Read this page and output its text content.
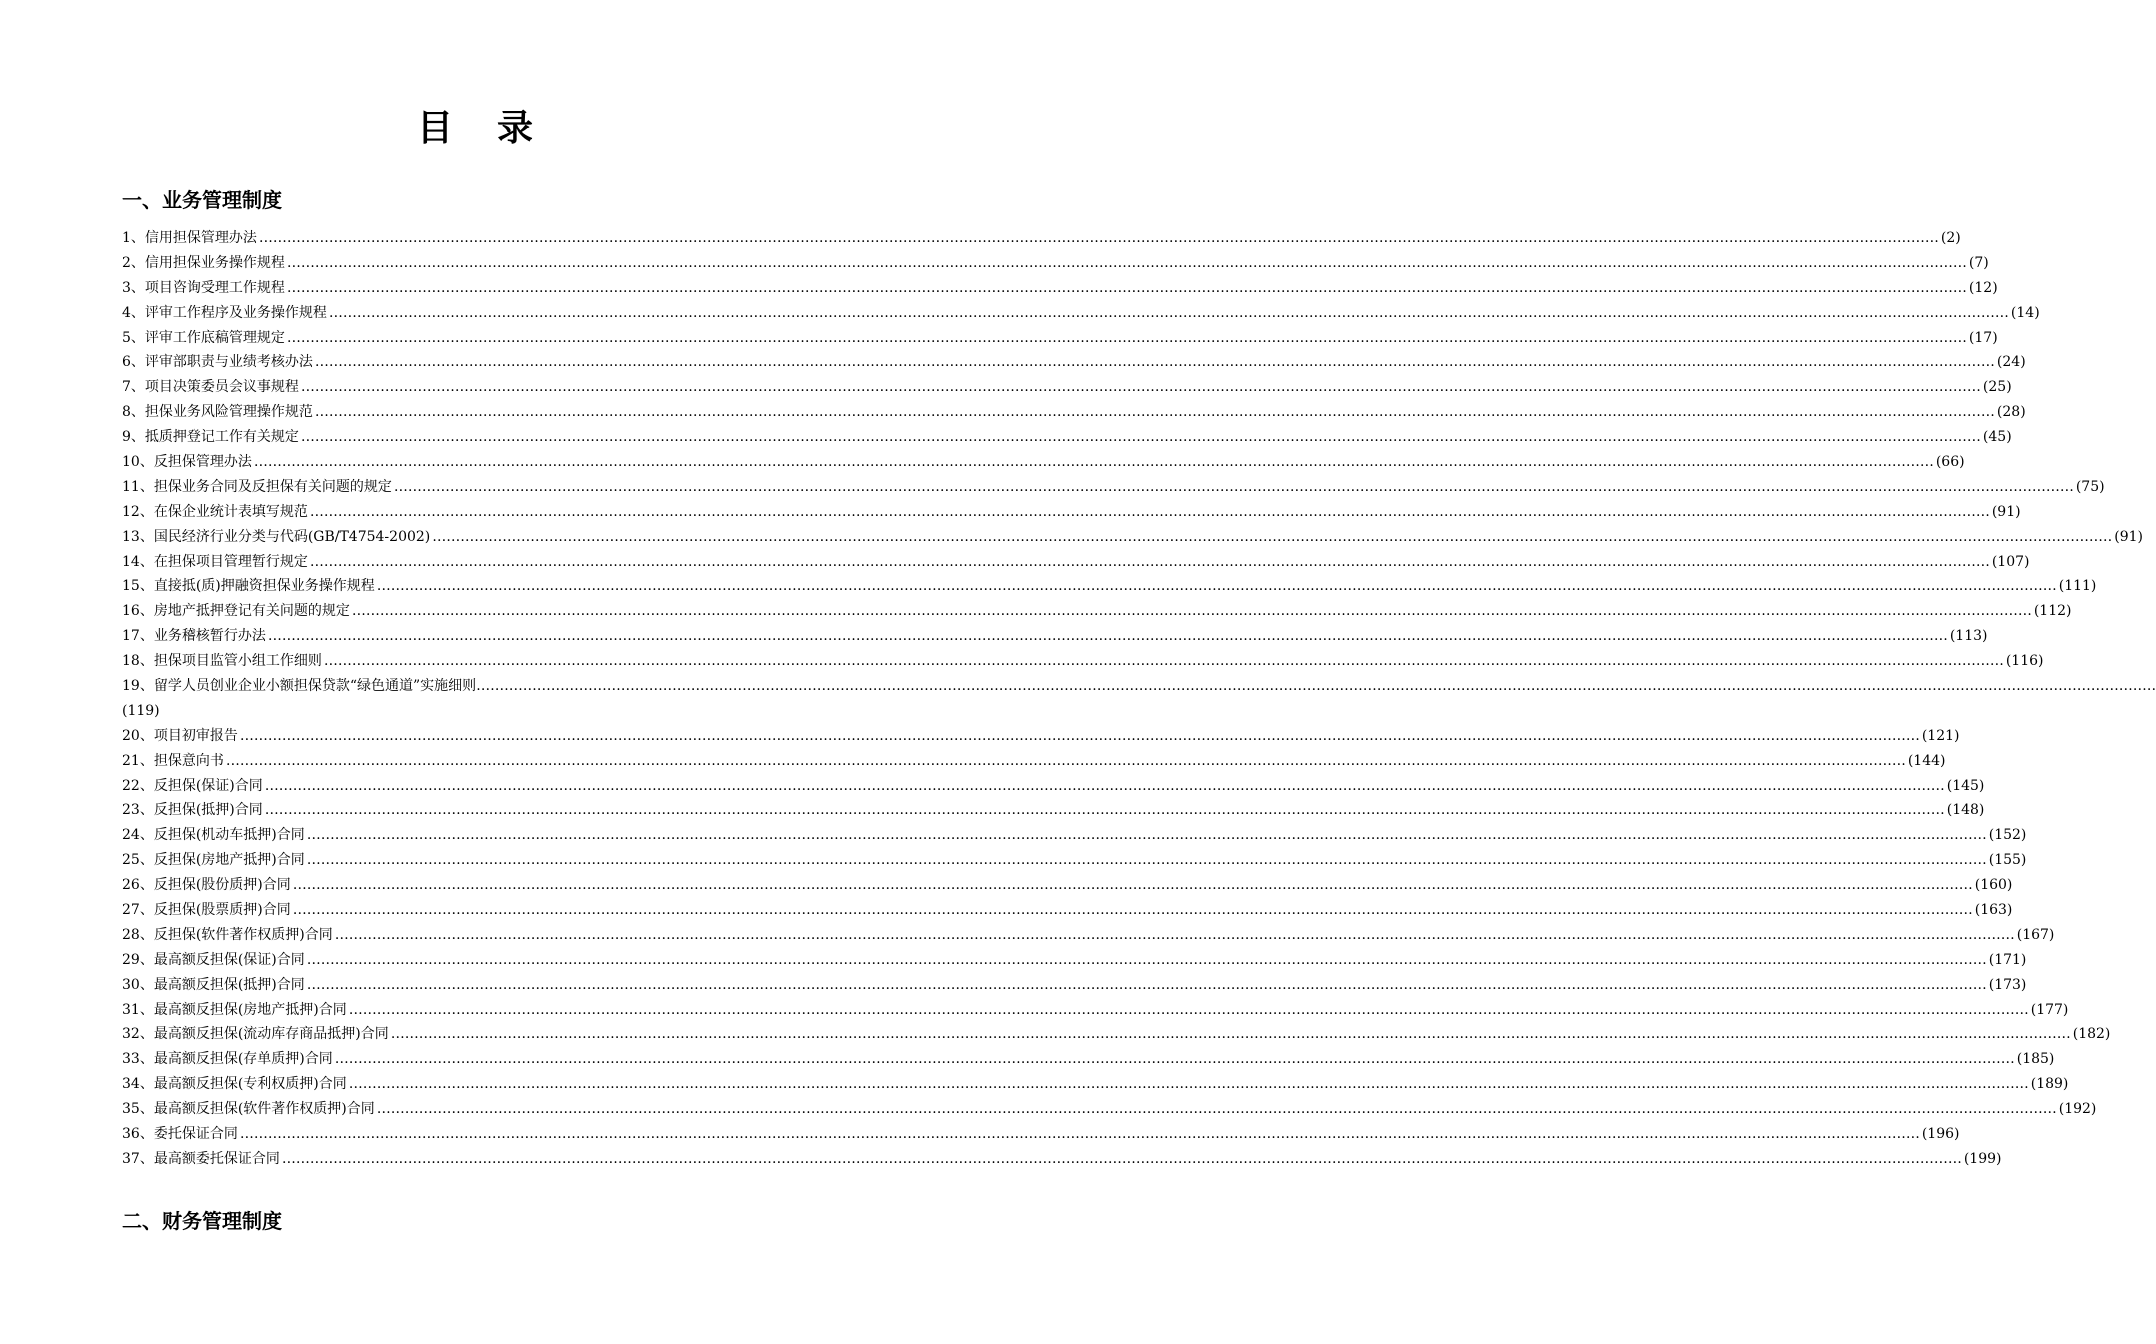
目 录
一、业务管理制度
1、信用担保管理办法 ……………………………………………………………………………………………………………………………………………………………………………………………………………………………………………………………………………………………………………………………… (2)
2、信用担保业务操作规程 ……………………………………………………………………………………………………………………………………………………………………………………………………………………………………………………………………………………………………………………………… (7)
3、项目咨询受理工作规程 ……………………………………………………………………………………………………………………………………………………………………………………………………………………………………………………………………………………………………………………………… (12)
4、评审工作程序及业务操作规程 ……………………………………………………………………………………………………………………………………………………………………………………………………………………………………………………………………………………………………………………………… (14)
5、评审工作底稿管理规定 ……………………………………………………………………………………………………………………………………………………………………………………………………………………………………………………………………………………………………………………………… (17)
6、评审部职责与业绩考核办法 ……………………………………………………………………………………………………………………………………………………………………………………………………………………………………………………………………………………………………………………………… (24)
7、项目决策委员会议事规程 ……………………………………………………………………………………………………………………………………………………………………………………………………………………………………………………………………………………………………………………………… (25)
8、担保业务风险管理操作规范 ……………………………………………………………………………………………………………………………………………………………………………………………………………………………………………………………………………………………………………………………… (28)
9、抵质押登记工作有关规定 ……………………………………………………………………………………………………………………………………………………………………………………………………………………………………………………………………………………………………………………………… (45)
10、反担保管理办法 ……………………………………………………………………………………………………………………………………………………………………………………………………………………………………………………………………………………………………………………………… (66)
11、担保业务合同及反担保有关问题的规定 ……………………………………………………………………………………………………………………………………………………………………………………………………………………………………………………………………………………………………………………………… (75)
12、在保企业统计表填写规范 ……………………………………………………………………………………………………………………………………………………………………………………………………………………………………………………………………………………………………………………………… (91)
13、国民经济行业分类与代码(GB/T4754-2002) ……………………………………………………………………………………………………………………………………………………………………………………………………………………………………………………………………………………………………………………………… (91)
14、在担保项目管理暂行规定 ……………………………………………………………………………………………………………………………………………………………………………………………………………………………………………………………………………………………………………………………… (107)
15、直接抵(质)押融资担保业务操作规程 ……………………………………………………………………………………………………………………………………………………………………………………………………………………………………………………………………………………………………………………………… (111)
16、房地产抵押登记有关问题的规定 ……………………………………………………………………………………………………………………………………………………………………………………………………………………………………………………………………………………………………………………………… (112)
17、业务稽核暂行办法 ……………………………………………………………………………………………………………………………………………………………………………………………………………………………………………………………………………………………………………………………… (113)
18、担保项目监管小组工作细则 ……………………………………………………………………………………………………………………………………………………………………………………………………………………………………………………………………………………………………………………………… (116)
19、留学人员创业企业小额担保贷款“绿色通道”实施细则 ………………………………………………………………………………………………………………………………………………………………………………………………………………………………………………………………………………………………………………………………
(119)
20、项目初审报告 ……………………………………………………………………………………………………………………………………………………………………………………………………………………………………………………………………………………………………………………………… (121)
21、担保意向书 ……………………………………………………………………………………………………………………………………………………………………………………………………………………………………………………………………………………………………………………………… (144)
22、反担保(保证)合同 ……………………………………………………………………………………………………………………………………………………………………………………………………………………………………………………………………………………………………………………………… (145)
23、反担保(抵押)合同 ……………………………………………………………………………………………………………………………………………………………………………………………………………………………………………………………………………………………………………………………… (148)
24、反担保(机动车抵押)合同 ……………………………………………………………………………………………………………………………………………………………………………………………………………………………………………………………………………………………………………………………… (152)
25、反担保(房地产抵押)合同 ……………………………………………………………………………………………………………………………………………………………………………………………………………………………………………………………………………………………………………………………… (155)
26、反担保(股份质押)合同 ……………………………………………………………………………………………………………………………………………………………………………………………………………………………………………………………………………………………………………………………… (160)
27、反担保(股票质押)合同 ……………………………………………………………………………………………………………………………………………………………………………………………………………………………………………………………………………………………………………………………… (163)
28、反担保(软件著作权质押)合同 ……………………………………………………………………………………………………………………………………………………………………………………………………………………………………………………………………………………………………………………………… (167)
29、最高额反担保(保证)合同 ……………………………………………………………………………………………………………………………………………………………………………………………………………………………………………………………………………………………………………………………… (171)
30、最高额反担保(抵押)合同 ……………………………………………………………………………………………………………………………………………………………………………………………………………………………………………………………………………………………………………………………… (173)
31、最高额反担保(房地产抵押)合同 ……………………………………………………………………………………………………………………………………………………………………………………………………………………………………………………………………………………………………………………………… (177)
32、最高额反担保(流动库存商品抵押)合同 ……………………………………………………………………………………………………………………………………………………………………………………………………………………………………………………………………………………………………………………………… (182)
33、最高额反担保(存单质押)合同 ……………………………………………………………………………………………………………………………………………………………………………………………………………………………………………………………………………………………………………………………… (185)
34、最高额反担保(专利权质押)合同 ……………………………………………………………………………………………………………………………………………………………………………………………………………………………………………………………………………………………………………………………… (189)
35、最高额反担保(软件著作权质押)合同 ……………………………………………………………………………………………………………………………………………………………………………………………………………………………………………………………………………………………………………………………… (192)
36、委托保证合同 ……………………………………………………………………………………………………………………………………………………………………………………………………………………………………………………………………………………………………………………………… (196)
37、最高额委托保证合同 ……………………………………………………………………………………………………………………………………………………………………………………………………………………………………………………………………………………………………………………………… (199)
二、财务管理制度
